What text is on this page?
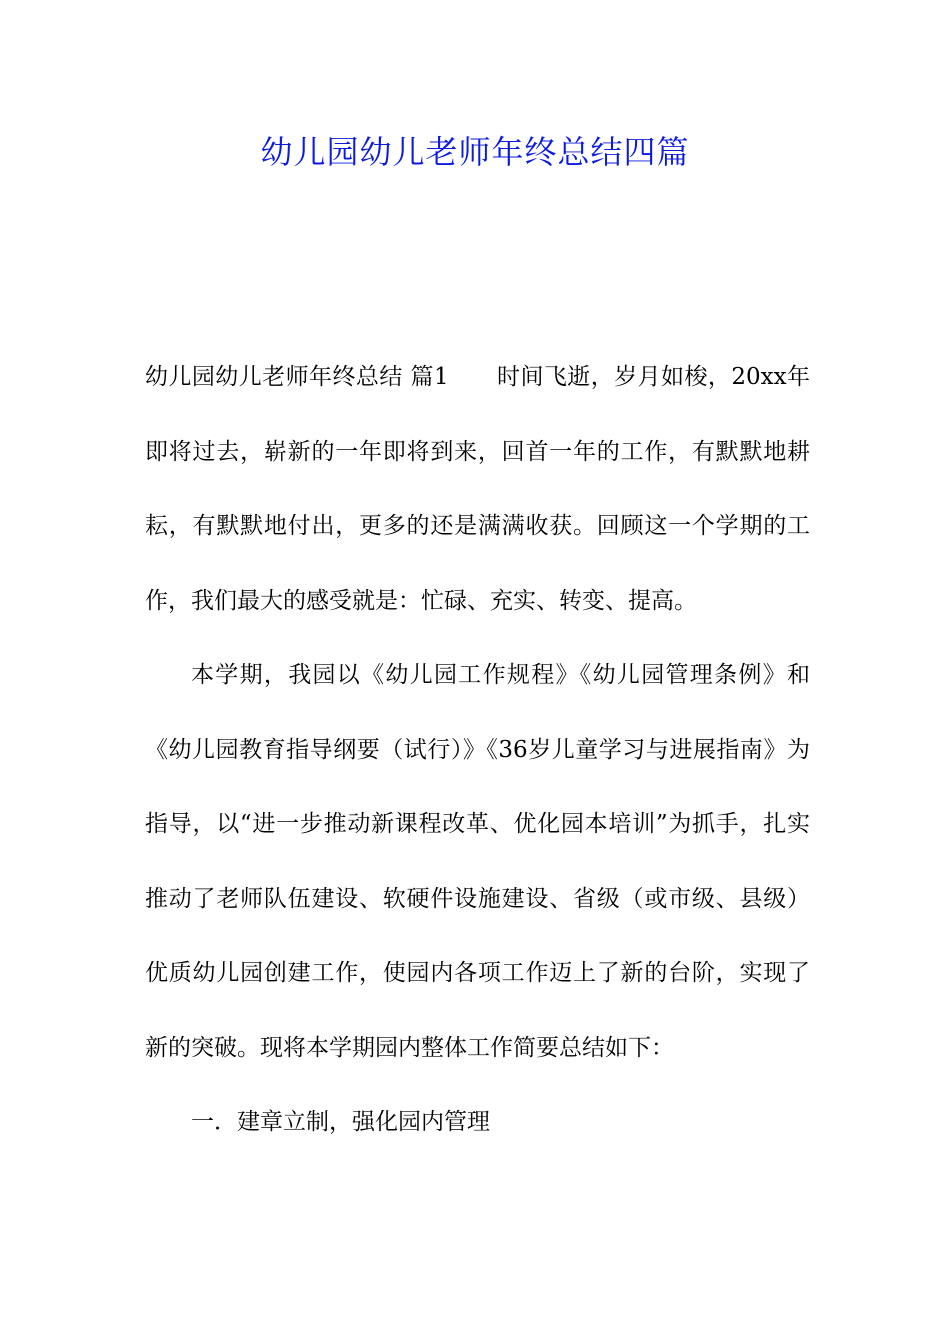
幼儿园幼儿老师年终总结四篇

幼儿园幼儿老师年终总结 篇1 时间飞逝，岁月如梭，20xx年即将过去，崭新的一年即将到来，回首一年的工作，有默默地耕耘，有默默地付出，更多的还是满满收获。回顾这一个学期的工作，我们最大的感受就是：忙碌、充实、转变、提高。

本学期，我园以《幼儿园工作规程》《幼儿园管理条例》和《幼儿园教育指导纲要（试行）》《36岁儿童学习与进展指南》为指导，以“进一步推动新课程改革、优化园本培训”为抓手，扎实推动了老师队伍建设、软硬件设施建设、省级（或市级、县级）优质幼儿园创建工作，使园内各项工作迈上了新的台阶，实现了新的突破。现将本学期园内整体工作简要总结如下：

一．建章立制，强化园内管理
